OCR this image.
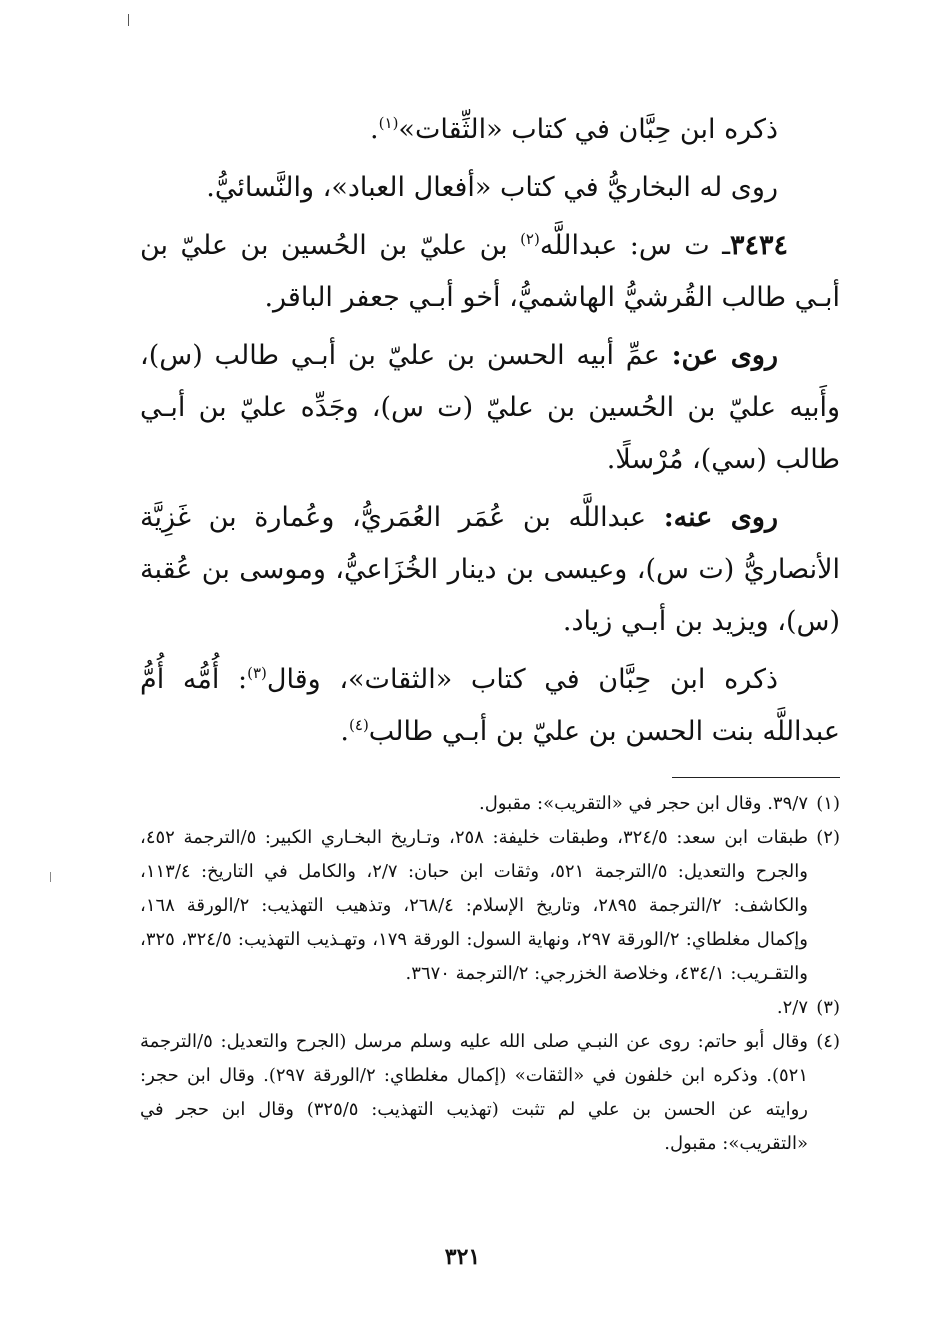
ذكره ابن حِبَّان في كتاب «الثِّقات»$^{(١)}$.

روى له البخاريُّ في كتاب «أفعال العباد»، والنَّسائيُّ.

٣٤٣٤ـ ت س: عبداللَّه$^{(٢)}$ بن عليّ بن الحُسين بن عليّ بن أبـي طالب القُرشيُّ الهاشميُّ، أخو أبـي جعفر الباقر.

روى عن: عمِّ أبيه الحسن بن عليّ بن أبـي طالب (س)، وأَبيه عليّ بن الحُسين بن عليّ (ت س)، وجَدِّه عليّ بن أبـي طالب (سي)، مُرْسلًا.

روى عنه: عبداللَّه بن عُمَر العُمَريُّ، وعُمارة بن غَزِيَّة الأنصاريُّ (ت س)، وعيسى بن دينار الخُزَاعيُّ، وموسى بن عُقبة (س)، ويزيد بن أبـي زياد.

ذكره ابن حِبَّان في كتاب «الثقات»، وقال$^{(٣)}$: أُمُّه أُمُّ عبداللَّه بنت الحسن بن عليّ بن أبـي طالب$^{(٤)}$.

(١)
٣٩/٧. وقال ابن حجر في «التقريب»: مقبول.

(٢)
طبقات ابن سعد: ٣٢٤/٥، وطبقات خليفة: ٢٥٨، وتـاريخ البخـاري الكبير: ٥/الترجمة ٤٥٢، والجرح والتعديل: ٥/الترجمة ٥٢١، وثقات ابن حبان: ٢/٧، والكامل في التاريخ: ١١٣/٤، والكاشف: ٢/الترجمة ٢٨٩٥، وتاريخ الإسلام: ٢٦٨/٤، وتذهيب التهذيب: ٢/الورقة ١٦٨، وإكمال مغلطاي: ٢/الورقة ٢٩٧، ونهاية السول: الورقة ١٧٩، وتهـذيب التهذيب: ٣٢٤/٥، ٣٢٥، والتقـريب: ٤٣٤/١، وخلاصة الخزرجي: ٢/الترجمة ٣٦٧٠.

(٣)
٢/٧.

(٤)
وقال أبو حاتم: روى عن النبـي صلى الله عليه وسلم مرسل (الجرح والتعديل: ٥/الترجمة ٥٢١). وذكره ابن خلفون في «الثقات» (إكمال مغلطاي: ٢/الورقة ٢٩٧). وقال ابن حجر: روايته عن الحسن بن علي لم تثبت (تهذيب التهذيب: ٣٢٥/٥) وقال ابن حجر في «التقريب»: مقبول.

٣٢١
